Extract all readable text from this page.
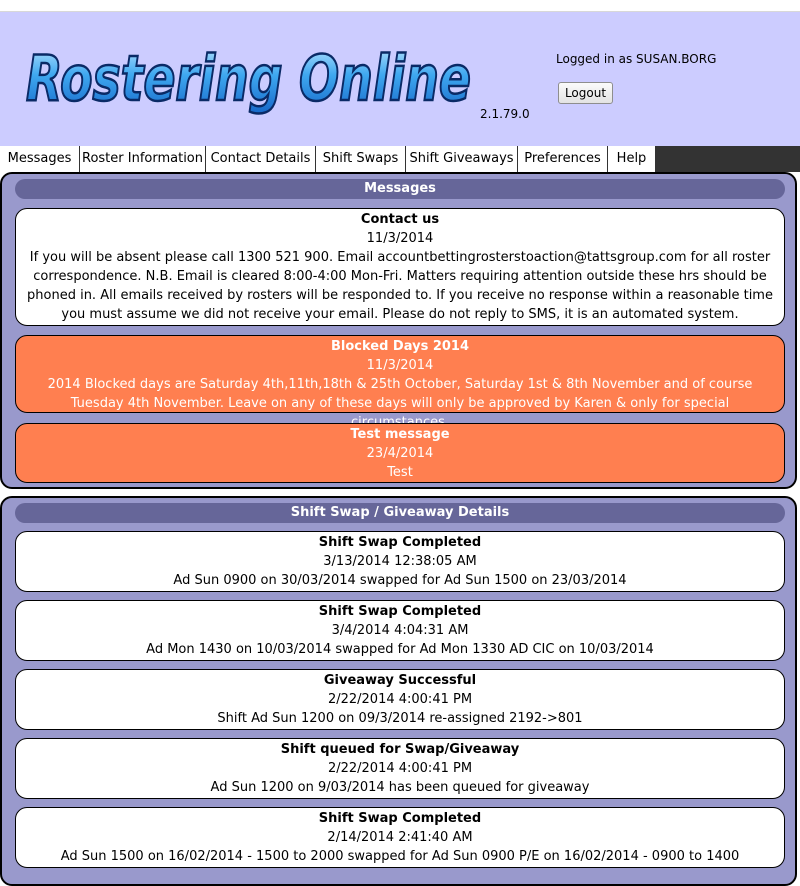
Rostering Online 2.1.79.0
Logged in as SUSAN.BORG
Logout
Messages Roster Information Contact Details Shift Swaps Shift Giveaways Preferences	Help
Messages
Contact us
11/3/2014
If you will be absent please call 1300 521 900. Email accountbettingrosterstoaction@tattsgroup.com for all roster correspondence. N.B. Email is cleared 8:00-4:00 Mon-Fri. Matters requiring attention outside these hrs should be phoned in. All emails received by rosters will be responded to. If you receive no response within a reasonable time you must assume we did not receive your email. Please do not reply to SMS, it is an automated system.
Blocked Days 2014
11/3/2014
2014 Blocked days are Saturday 4th,11th,18th & 25th October, Saturday 1st & 8th November and of course Tuesday 4th November. Leave on any of these days will only be approved by Karen & only for special
Test message
23/4/2014
Test
Shift Swap / Giveaway Details
Shift Swap Completed
3/13/2014 12:38:05 AM
Ad Sun 0900 on 30/03/2014 swapped for Ad Sun 1500 on 23/03/2014
Shift Swap Completed
3/4/2014 4:04:31 AM
Ad Mon 1430 on 10/03/2014 swapped for Ad Mon 1330 AD CIC on 10/03/2014
Giveaway Successful
2/22/2014 4:00:41 PM
Shift Ad Sun 1200 on 09/3/2014 re-assigned 2192->801
Shift queued for Swap/Giveaway
2/22/2014 4:00:41 PM
Ad Sun 1200 on 9/03/2014 has been queued for giveaway
Shift Swap Completed
2/14/2014 2:41:40 AM
Ad Sun 1500 on 16/02/2014 - 1500 to 2000 swapped for Ad Sun 0900 P/E on 16/02/2014 - 0900 to 1400
